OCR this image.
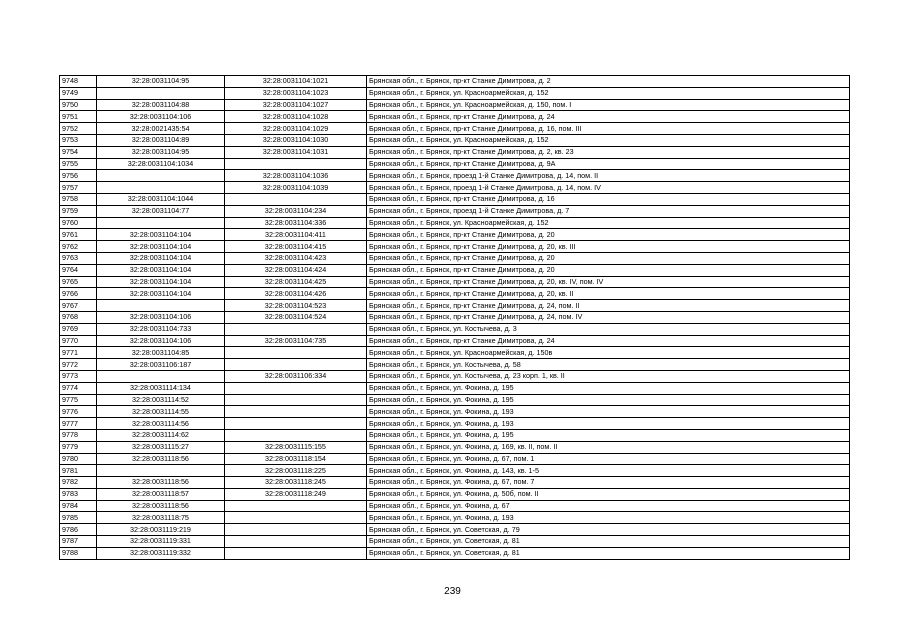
9748	32:28:0031104:95	32:28:0031104:1021	Брянская обл., г. Брянск, пр-кт Станке Димитрова, д. 2
9749		32:28:0031104:1023	Брянская обл., г. Брянск, ул. Красноармейская, д. 152
9750	32:28:0031104:88	32:28:0031104:1027	Брянская обл., г. Брянск, ул. Красноармейская, д. 150, пом. I
9751	32:28:0031104:106	32:28:0031104:1028	Брянская обл., г. Брянск, пр-кт Станке Димитрова, д. 24
9752	32:28:0021435:54	32:28:0031104:1029	Брянская обл., г. Брянск, пр-кт Станке Димитрова, д. 16, пом. III
9753	32:28:0031104:89	32:28:0031104:1030	Брянская обл., г. Брянск, ул. Красноармейская, д. 152
9754	32:28:0031104:95	32:28:0031104:1031	Брянская обл., г. Брянск, пр-кт Станке Димитрова, д. 2, кв. 23
9755	32:28:0031104:1034		Брянская обл., г. Брянск, пр-кт Станке Димитрова, д. 9А
9756		32:28:0031104:1036	Брянская обл., г. Брянск, проезд 1-й Станке Димитрова, д. 14, пом. II
9757		32:28:0031104:1039	Брянская обл., г. Брянск, проезд 1-й Станке Димитрова, д. 14, пом. IV
9758	32:28:0031104:1044		Брянская обл., г. Брянск, пр-кт Станке Димитрова, д. 16
9759	32:28:0031104:77	32:28:0031104:234	Брянская обл., г. Брянск, проезд 1-й Станке Димитрова, д. 7
9760		32:28:0031104:336	Брянская обл., г. Брянск, ул. Красноармейская, д. 152
9761	32:28:0031104:104	32:28:0031104:411	Брянская обл., г. Брянск, пр-кт Станке Димитрова, д. 20
9762	32:28:0031104:104	32:28:0031104:415	Брянская обл., г. Брянск, пр-кт Станке Димитрова, д. 20, кв. III
9763	32:28:0031104:104	32:28:0031104:423	Брянская обл., г. Брянск, пр-кт Станке Димитрова, д. 20
9764	32:28:0031104:104	32:28:0031104:424	Брянская обл., г. Брянск, пр-кт Станке Димитрова, д. 20
9765	32:28:0031104:104	32:28:0031104:425	Брянская обл., г. Брянск, пр-кт Станке Димитрова, д. 20, кв. IV, пом. IV
9766	32:28:0031104:104	32:28:0031104:426	Брянская обл., г. Брянск, пр-кт Станке Димитрова, д. 20, кв. II
9767		32:28:0031104:523	Брянская обл., г. Брянск, пр-кт Станке Димитрова, д. 24, пом. II
9768	32:28:0031104:106	32:28:0031104:524	Брянская обл., г. Брянск, пр-кт Станке Димитрова, д. 24, пом. IV
9769	32:28:0031104:733		Брянская обл., г. Брянск, ул. Костычева, д. 3
9770	32:28:0031104:106	32:28:0031104:735	Брянская обл., г. Брянск, пр-кт Станке Димитрова, д. 24
9771	32:28:0031104:85		Брянская обл., г. Брянск, ул. Красноармейская, д. 150в
9772	32:28:0031106:187		Брянская обл., г. Брянск, ул. Костычева, д. 58
9773		32:28:0031106:334	Брянская обл., г. Брянск, ул. Костычева, д. 23 корп. 1, кв. II
9774	32:28:0031114:134		Брянская обл., г. Брянск, ул. Фокина, д. 195
9775	32:28:0031114:52		Брянская обл., г. Брянск, ул. Фокина, д. 195
9776	32:28:0031114:55		Брянская обл., г. Брянск, ул. Фокина, д. 193
9777	32:28:0031114:56		Брянская обл., г. Брянск, ул. Фокина, д. 193
9778	32:28:0031114:62		Брянская обл., г. Брянск, ул. Фокина, д. 195
9779	32:28:0031115:27	32:28:0031115:155	Брянская обл., г. Брянск, ул. Фокина, д. 169, кв. II, пом. II
9780	32:28:0031118:56	32:28:0031118:154	Брянская обл., г. Брянск, ул. Фокина, д. 67, пом. 1
9781		32:28:0031118:225	Брянская обл., г. Брянск, ул. Фокина, д. 143, кв. 1-5
9782	32:28:0031118:56	32:28:0031118:245	Брянская обл., г. Брянск, ул. Фокина, д. 67, пом. 7
9783	32:28:0031118:57	32:28:0031118:249	Брянская обл., г. Брянск, ул. Фокина, д. 50б, пом. II
9784	32:28:0031118:56		Брянская обл., г. Брянск, ул. Фокина, д. 67
9785	32:28:0031118:75		Брянская обл., г. Брянск, ул. Фокина, д. 193
9786	32:28:0031119:219		Брянская обл., г. Брянск, ул. Советская, д. 79
9787	32:28:0031119:331		Брянская обл., г. Брянск, ул. Советская, д. 81
9788	32:28:0031119:332		Брянская обл., г. Брянск, ул. Советская, д. 81
239
